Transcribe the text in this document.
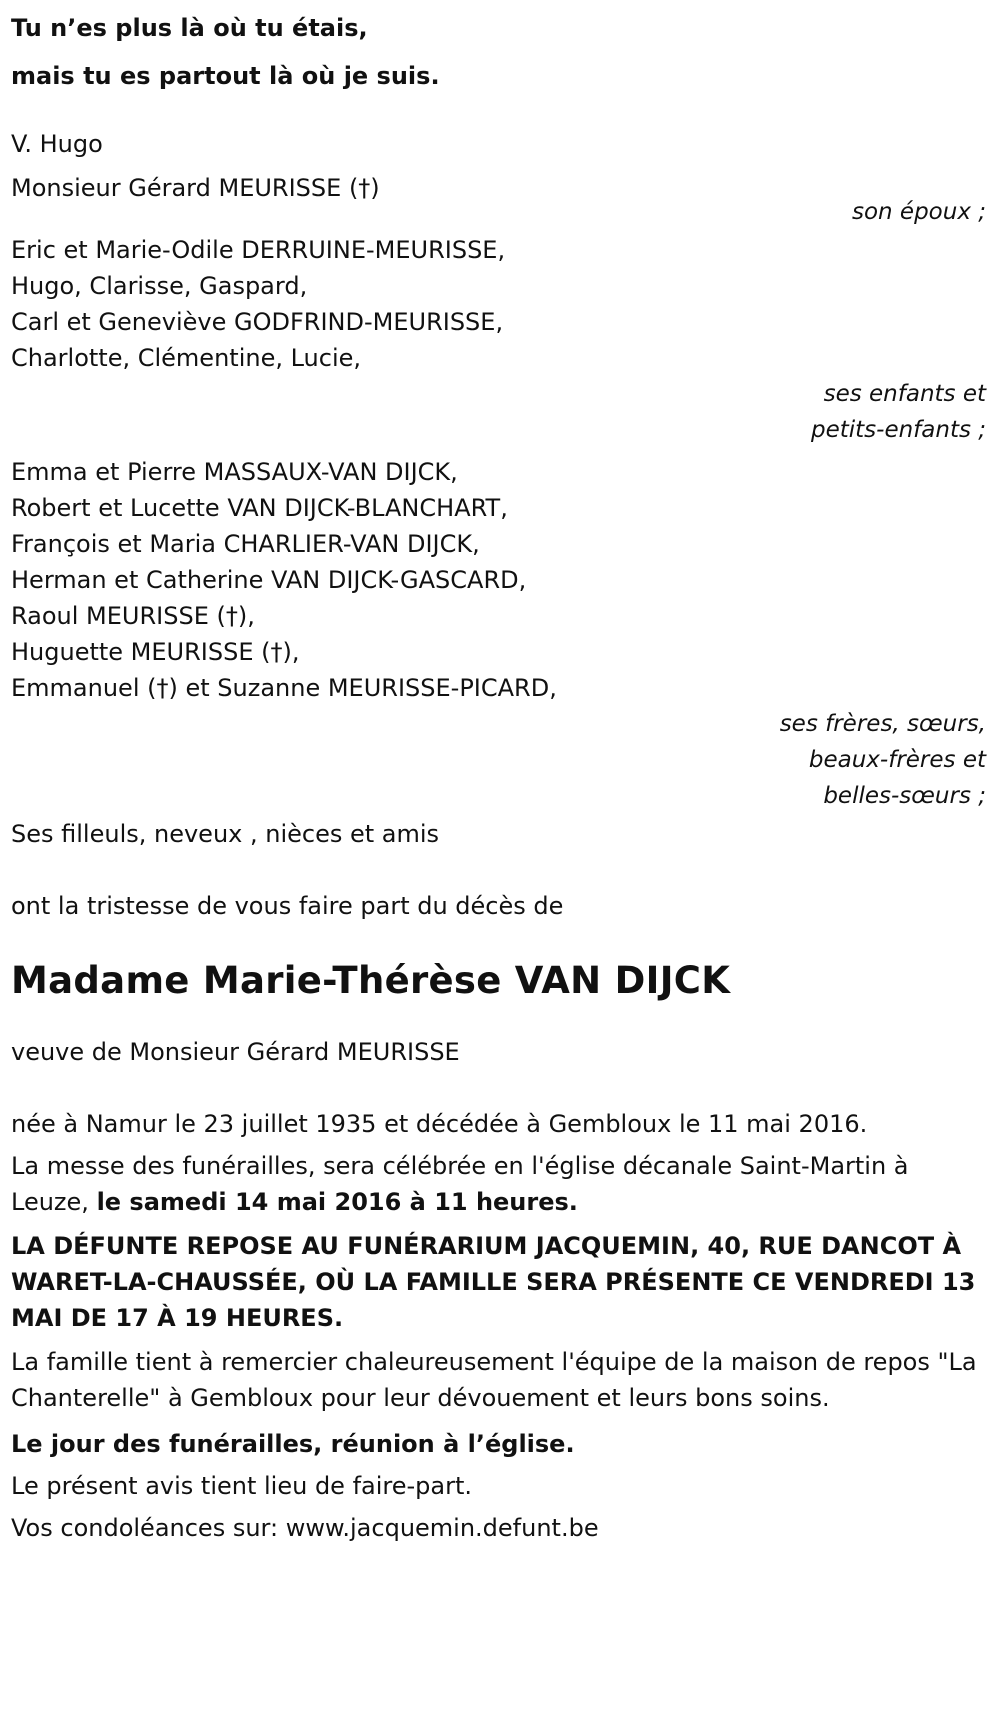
Tu n’es plus là où tu étais,
mais tu es partout là où je suis.
V. Hugo
Monsieur Gérard MEURISSE (†)
son époux ;
Eric et Marie-Odile DERRUINE-MEURISSE,
Hugo, Clarisse, Gaspard,
Carl et Geneviève GODFRIND-MEURISSE,
Charlotte, Clémentine, Lucie,
ses enfants et
petits-enfants ;
Emma et Pierre MASSAUX-VAN DIJCK,
Robert et Lucette VAN DIJCK-BLANCHART,
François et Maria CHARLIER-VAN DIJCK,
Herman et Catherine VAN DIJCK-GASCARD,
Raoul MEURISSE (†),
Huguette MEURISSE (†),
Emmanuel (†) et Suzanne MEURISSE-PICARD,
ses frères, sœurs,
beaux-frères et
belles-sœurs ;
Ses filleuls, neveux , nièces et amis
ont la tristesse de vous faire part du décès de
Madame Marie-Thérèse VAN DIJCK
veuve de Monsieur Gérard MEURISSE
née à Namur le 23 juillet 1935 et décédée à Gembloux le 11 mai 2016.
La messe des funérailles, sera célébrée en l'église décanale Saint-Martin à Leuze, le samedi 14 mai 2016 à 11 heures.
LA DÉFUNTE REPOSE AU FUNÉRARIUM JACQUEMIN, 40, RUE DANCOT À WARET-LA-CHAUSSÉE, OÙ LA FAMILLE SERA PRÉSENTE CE VENDREDI 13 MAI DE 17 À 19 HEURES.
La famille tient à remercier chaleureusement l'équipe de la maison de repos "La Chanterelle" à Gembloux pour leur dévouement et leurs bons soins.
Le jour des funérailles, réunion à l’église.
Le présent avis tient lieu de faire-part.
Vos condoléances sur: www.jacquemin.defunt.be
